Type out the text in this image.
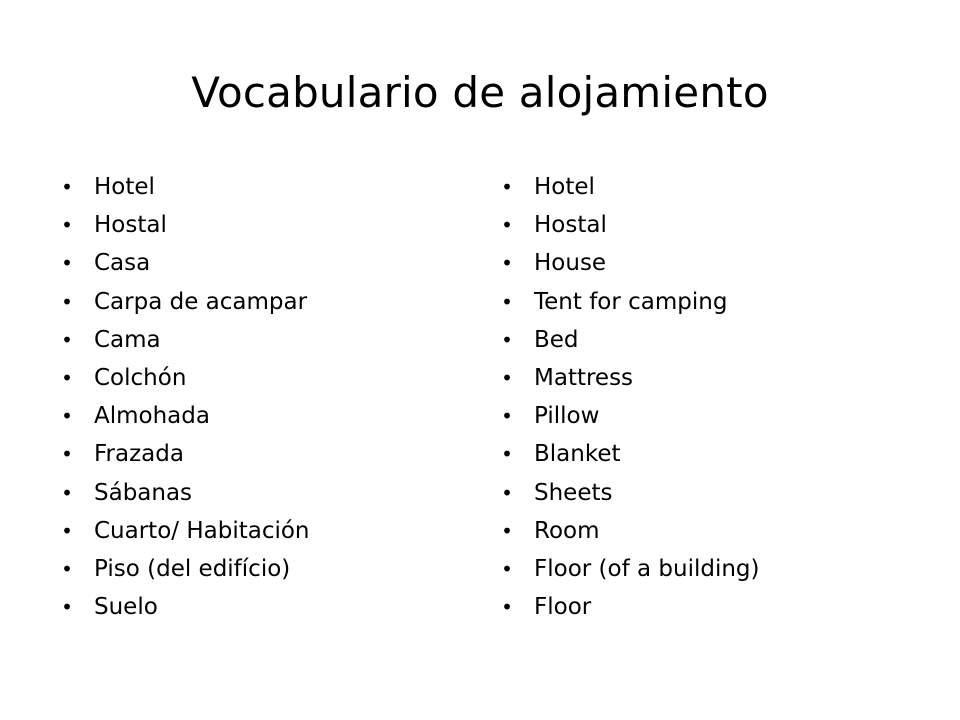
Vocabulario de alojamiento
• Hotel
• Hostal
• Casa
• Carpa de acampar
• Cama
• Colchón
• Almohada
• Frazada
• Sábanas
• Cuarto/ Habitación
• Piso (del edifício)
• Suelo
• Hotel
• Hostal
• House
• Tent for camping
• Bed
• Mattress
• Pillow
• Blanket
• Sheets
• Room
• Floor (of a building)
• Floor
